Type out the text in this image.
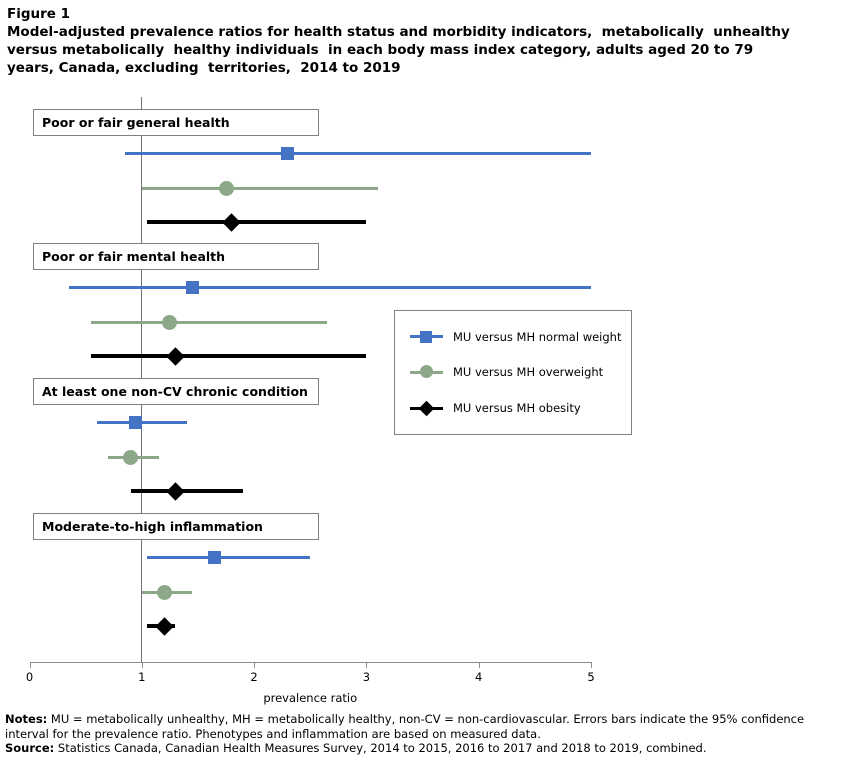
Figure 1
Model-adjusted prevalence ratios for health status and morbidity indicators,  metabolically  unhealthy
versus metabolically  healthy individuals  in each body mass index category, adults aged 20 to 79
years, Canada, excluding  territories,  2014 to 2019
Poor or fair general health
Poor or fair mental health
At least one non-CV chronic condition
Moderate-to-high inflammation
0	1	2	3	4	5
prevalence ratio
MU versus MH normal weight
MU versus MH overweight
MU versus MH obesity

Notes: MU = metabolically unhealthy, MH = metabolically healthy, non-CV = non-cardiovascular. Errors bars indicate the 95% confidence interval for the prevalence ratio. Phenotypes and inflammation are based on measured data.

Source: Statistics Canada, Canadian Health Measures Survey, 2014 to 2015, 2016 to 2017 and 2018 to 2019, combined.
